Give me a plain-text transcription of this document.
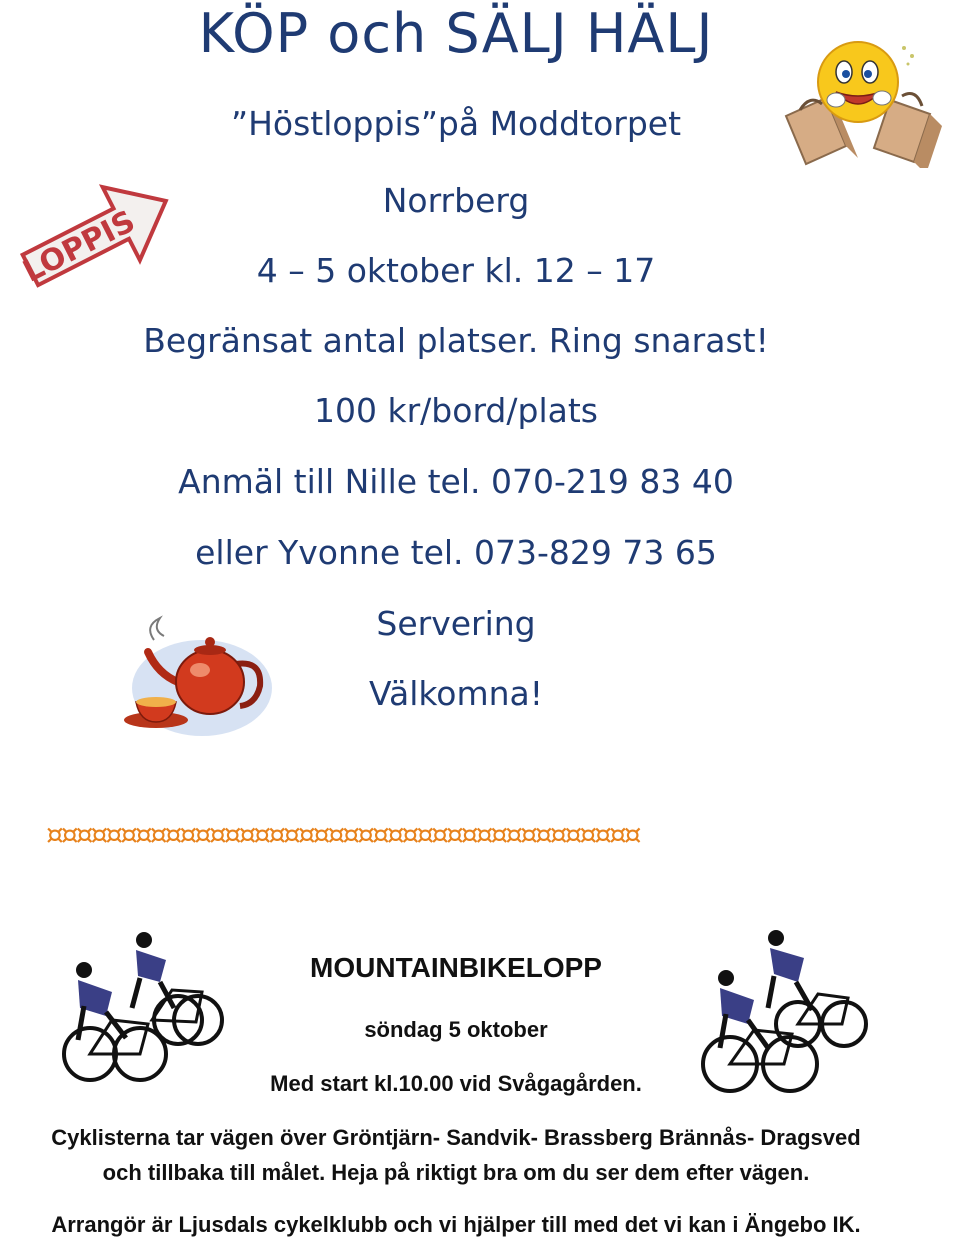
KÖP och SÄLJ HÄLJ
”Höstloppis”på Moddtorpet
Norrberg
4 – 5 oktober kl. 12 – 17
Begränsat antal platser. Ring snarast!
100 kr/bord/plats
Anmäl till Nille tel. 070-219 83 40
eller Yvonne tel. 073-829 73 65
Servering
Välkomna!
LOPPIS
¤¤¤¤¤¤¤¤¤¤¤¤¤¤¤¤¤¤¤¤¤¤¤¤¤¤¤¤¤¤¤¤¤¤¤¤¤¤¤¤
MOUNTAINBIKELOPP
söndag 5 oktober
Med start kl.10.00 vid Svågagården.
Cyklisterna tar vägen över Gröntjärn- Sandvik- Brassberg Brännås- Dragsved
och tillbaka till målet. Heja på riktigt bra om du ser dem efter vägen.
Arrangör är Ljusdals cykelklubb och vi hjälper till med det vi kan i Ängebo IK.
